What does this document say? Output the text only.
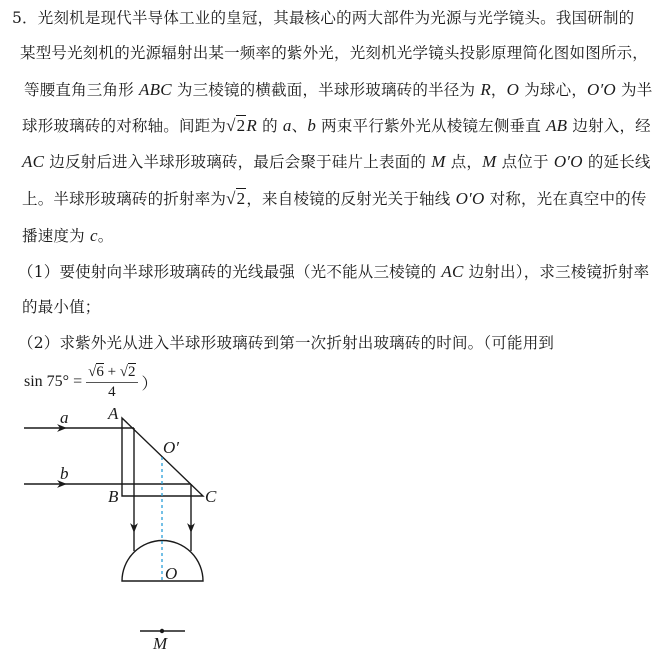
5．光刻机是现代半导体工业的皇冠，其最核心的两大部件为光源与光学镜头。我国研制的
某型号光刻机的光源辐射出某一频率的紫外光，光刻机光学镜头投影原理简化图如图所示，
等腰直角三角形 ABC 为三棱镜的横截面，半球形玻璃砖的半径为 R，O 为球心，O′O 为半
球形玻璃砖的对称轴。间距为√2R 的 a、b 两束平行紫外光从棱镜左侧垂直 AB 边射入，经
AC 边反射后进入半球形玻璃砖，最后会聚于硅片上表面的 M 点，M 点位于 O′O 的延长线
上。半球形玻璃砖的折射率为√2，来自棱镜的反射光关于轴线 O′O 对称，光在真空中的传
播速度为 c。
（1）要使射向半球形玻璃砖的光线最强（光不能从三棱镜的 AC 边射出），求三棱镜折射率
的最小值；
（2）求紫外光从进入半球形玻璃砖到第一次折射出玻璃砖的时间。（可能用到
$\sin 75^\circ = \frac{√6 + √2}{4}$ ）
a
b
A
B	C
O′
O
M
